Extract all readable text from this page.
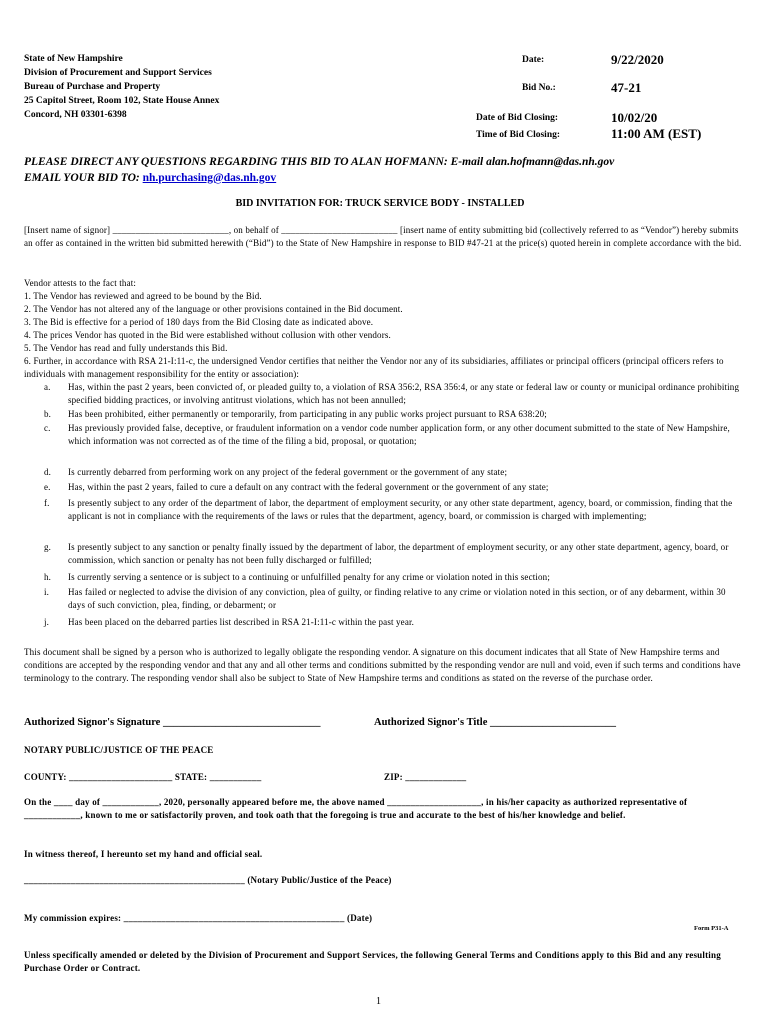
State of New Hampshire
Division of Procurement and Support Services
Bureau of Purchase and Property
25 Capitol Street, Room 102, State House Annex
Concord, NH 03301-6398
Date:	9/22/2020
Bid No.:	47-21
Date of Bid Closing:	10/02/20
Time of Bid Closing:	11:00 AM (EST)
PLEASE DIRECT ANY QUESTIONS REGARDING THIS BID TO ALAN HOFMANN: E-mail alan.hofmann@das.nh.gov
EMAIL YOUR BID TO: nh.purchasing@das.nh.gov
BID INVITATION FOR: TRUCK SERVICE BODY - INSTALLED
[Insert name of signor] _________________________, on behalf of _________________________ [insert name of entity submitting bid (collectively referred to as “Vendor”) hereby submits an offer as contained in the written bid submitted herewith (“Bid”) to the State of New Hampshire in response to BID #47-21 at the price(s) quoted herein in complete accordance with the bid.
Vendor attests to the fact that:
1. The Vendor has reviewed and agreed to be bound by the Bid.
2. The Vendor has not altered any of the language or other provisions contained in the Bid document.
3. The Bid is effective for a period of 180 days from the Bid Closing date as indicated above.
4. The prices Vendor has quoted in the Bid were established without collusion with other vendors.
5. The Vendor has read and fully understands this Bid.
6. Further, in accordance with RSA 21-I:11-c, the undersigned Vendor certifies that neither the Vendor nor any of its subsidiaries, affiliates or principal officers (principal officers refers to individuals with management responsibility for the entity or association):
a.	Has, within the past 2 years, been convicted of, or pleaded guilty to, a violation of RSA 356:2, RSA 356:4, or any state or federal law or county or municipal ordinance prohibiting specified bidding practices, or involving antitrust violations, which has not been annulled;
b.	Has been prohibited, either permanently or temporarily, from participating in any public works project pursuant to RSA 638:20;
c.	Has previously provided false, deceptive, or fraudulent information on a vendor code number application form, or any other document submitted to the state of New Hampshire, which information was not corrected as of the time of the filing a bid, proposal, or quotation;
d.	Is currently debarred from performing work on any project of the federal government or the government of any state;
e.	Has, within the past 2 years, failed to cure a default on any contract with the federal government or the government of any state;
f.	Is presently subject to any order of the department of labor, the department of employment security, or any other state department, agency, board, or commission, finding that the applicant is not in compliance with the requirements of the laws or rules that the department, agency, board, or commission is charged with implementing;
g.	Is presently subject to any sanction or penalty finally issued by the department of labor, the department of employment security, or any other state department, agency, board, or commission, which sanction or penalty has not been fully discharged or fulfilled;
h.	Is currently serving a sentence or is subject to a continuing or unfulfilled penalty for any crime or violation noted in this section;
i.	Has failed or neglected to advise the division of any conviction, plea of guilty, or finding relative to any crime or violation noted in this section, or of any debarment, within 30 days of such conviction, plea, finding, or debarment; or
j.	Has been placed on the debarred parties list described in RSA 21-I:11-c within the past year.
This document shall be signed by a person who is authorized to legally obligate the responding vendor. A signature on this document indicates that all State of New Hampshire terms and conditions are accepted by the responding vendor and that any and all other terms and conditions submitted by the responding vendor are null and void, even if such terms and conditions have terminology to the contrary. The responding vendor shall also be subject to State of New Hampshire terms and conditions as stated on the reverse of the purchase order.
Authorized Signor's Signature ______________________________	Authorized Signor's Title ________________________
NOTARY PUBLIC/JUSTICE OF THE PEACE
COUNTY: ______________________ STATE: ___________	ZIP: _____________
On the ____ day of ____________, 2020, personally appeared before me, the above named ____________________, in his/her capacity as authorized representative of ____________, known to me or satisfactorily proven, and took oath that the foregoing is true and accurate to the best of his/her knowledge and belief.
In witness thereof, I hereunto set my hand and official seal.
_______________________________________________ (Notary Public/Justice of the Peace)
My commission expires: _______________________________________________ (Date)
Form P31-A
Unless specifically amended or deleted by the Division of Procurement and Support Services, the following General Terms and Conditions apply to this Bid and any resulting Purchase Order or Contract.
1
